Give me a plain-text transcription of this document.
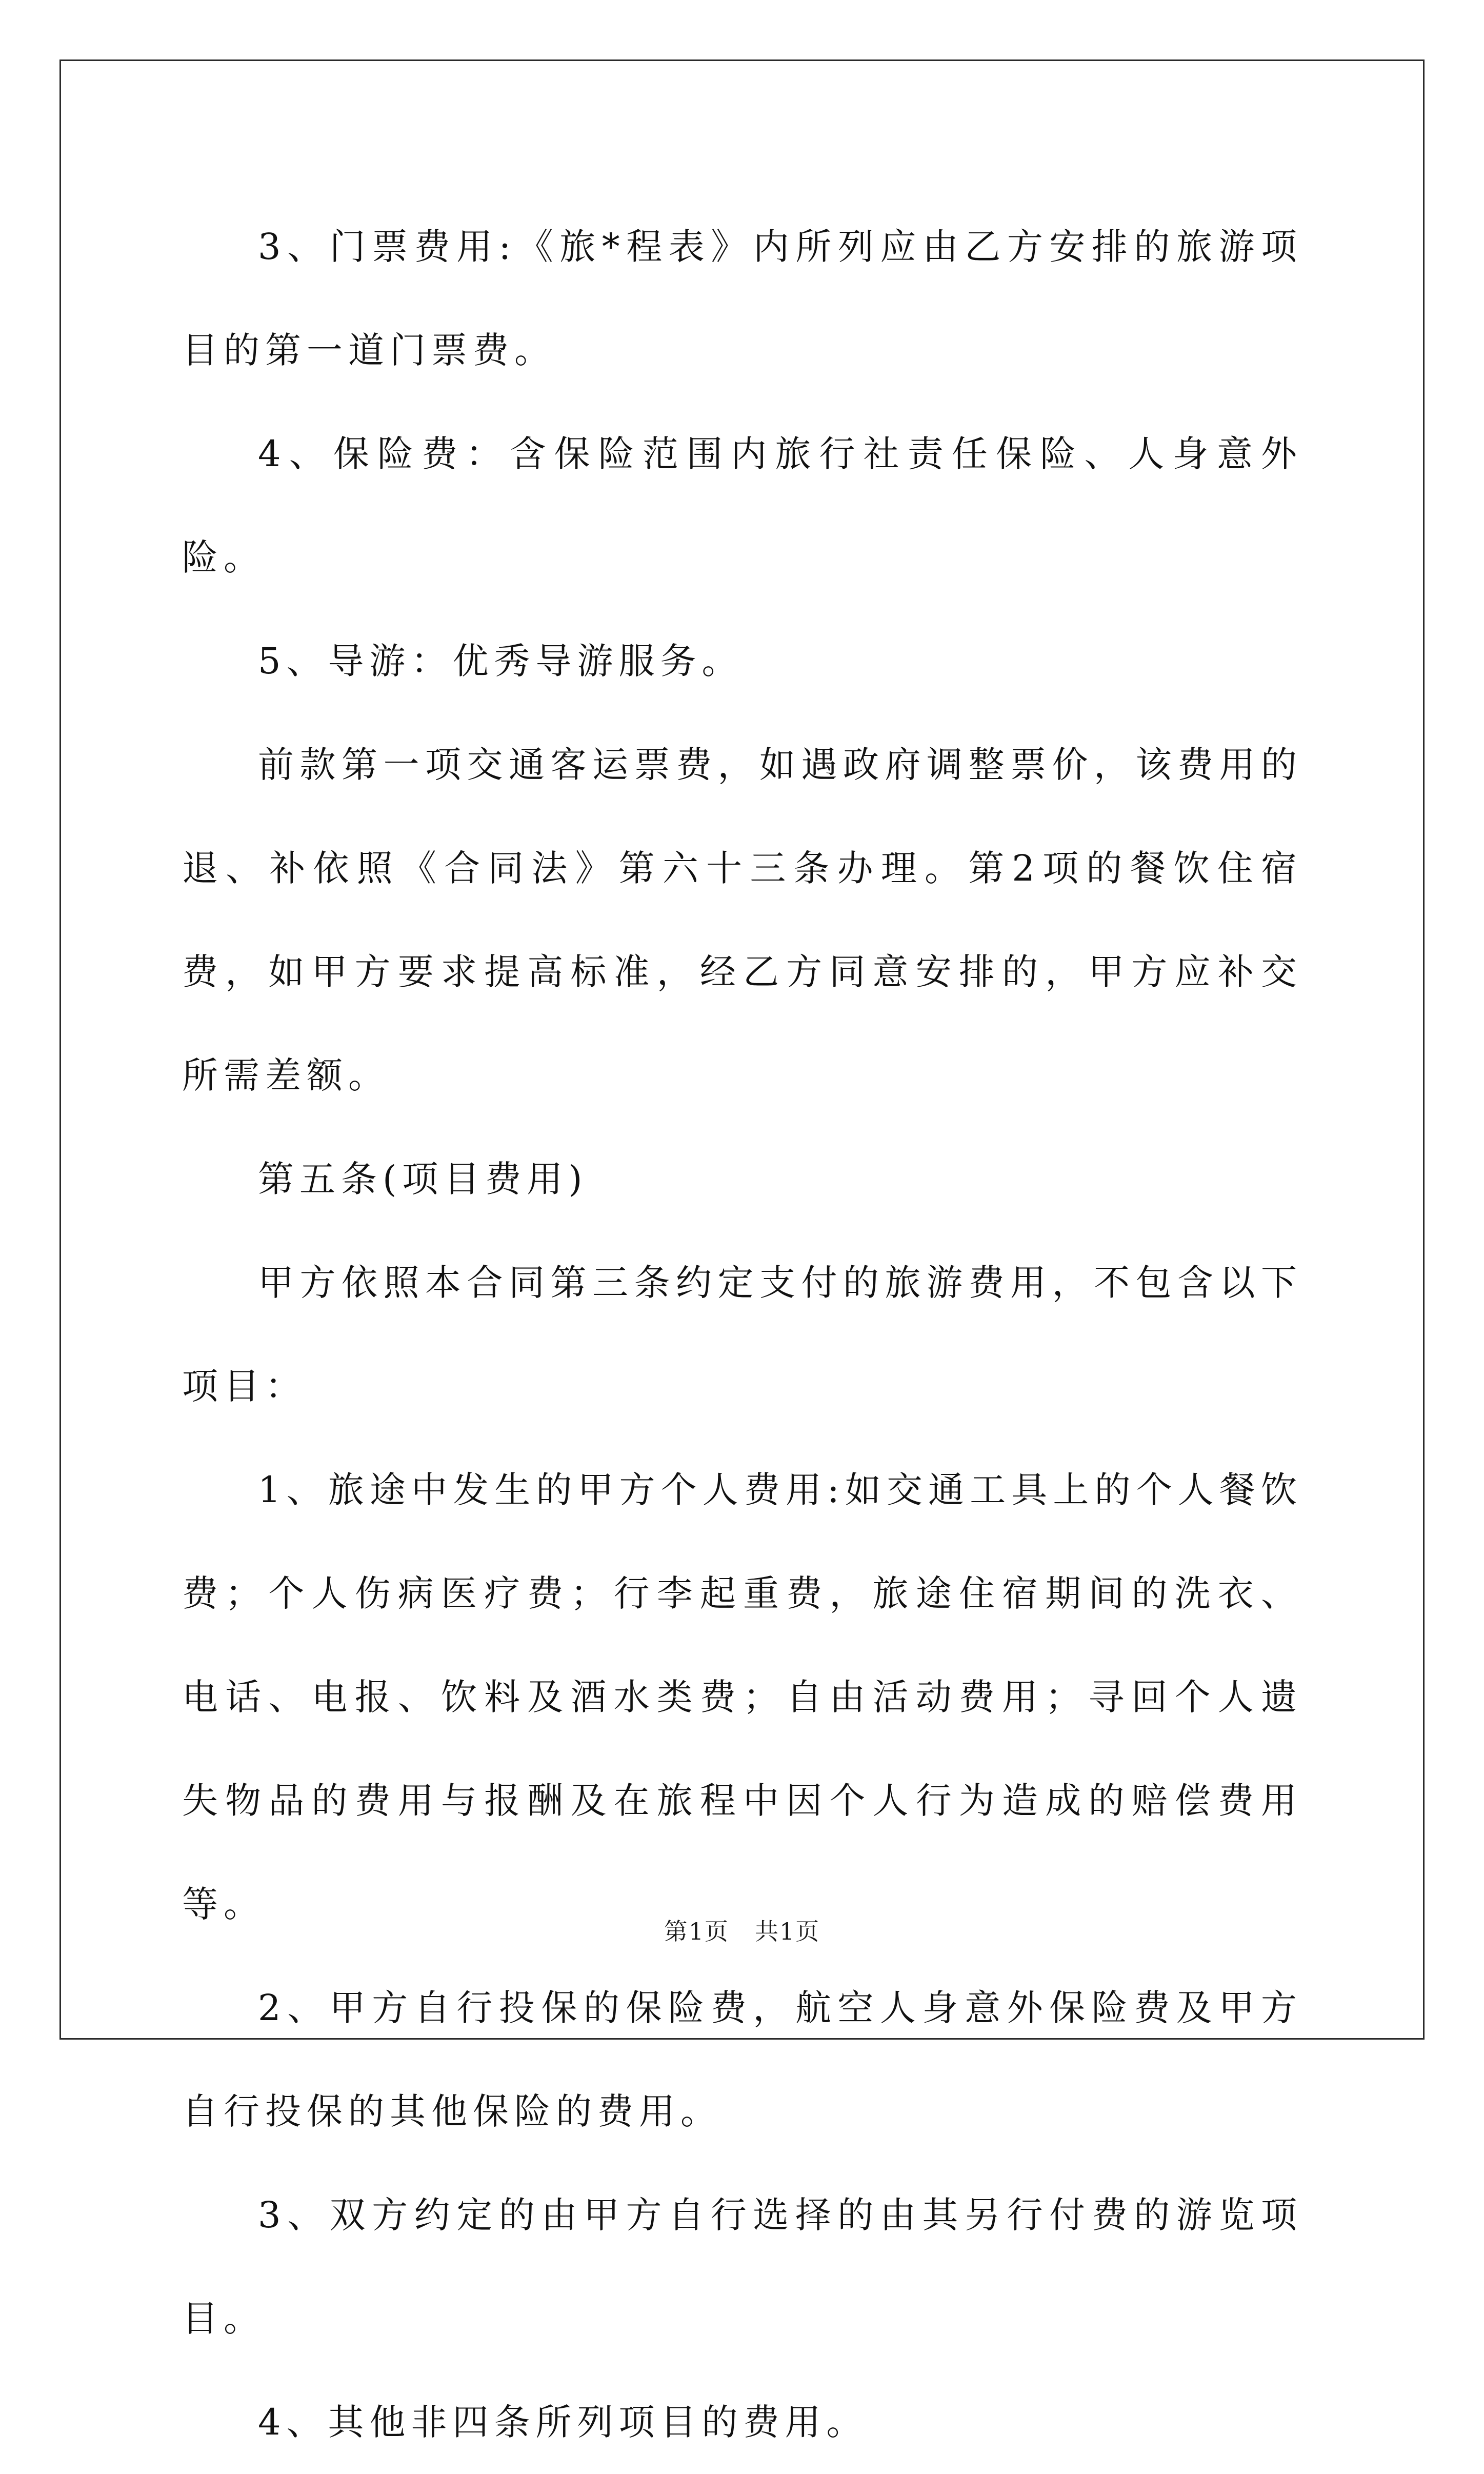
3、门票费用:《旅*程表》内所列应由乙方安排的旅游项目的第一道门票费。

4、保险费：含保险范围内旅行社责任保险、人身意外险。

5、导游：优秀导游服务。

前款第一项交通客运票费，如遇政府调整票价，该费用的退、补依照《合同法》第六十三条办理。第2项的餐饮住宿费，如甲方要求提高标准，经乙方同意安排的，甲方应补交所需差额。

第五条(项目费用)

甲方依照本合同第三条约定支付的旅游费用，不包含以下项目：

1、旅途中发生的甲方个人费用:如交通工具上的个人餐饮费；个人伤病医疗费；行李起重费，旅途住宿期间的洗衣、电话、电报、饮料及酒水类费；自由活动费用；寻回个人遗失物品的费用与报酬及在旅程中因个人行为造成的赔偿费用等。

2、甲方自行投保的保险费，航空人身意外保险费及甲方自行投保的其他保险的费用。

3、双方约定的由甲方自行选择的由其另行付费的游览项目。

4、其他非四条所列项目的费用。

第1页 共1页
